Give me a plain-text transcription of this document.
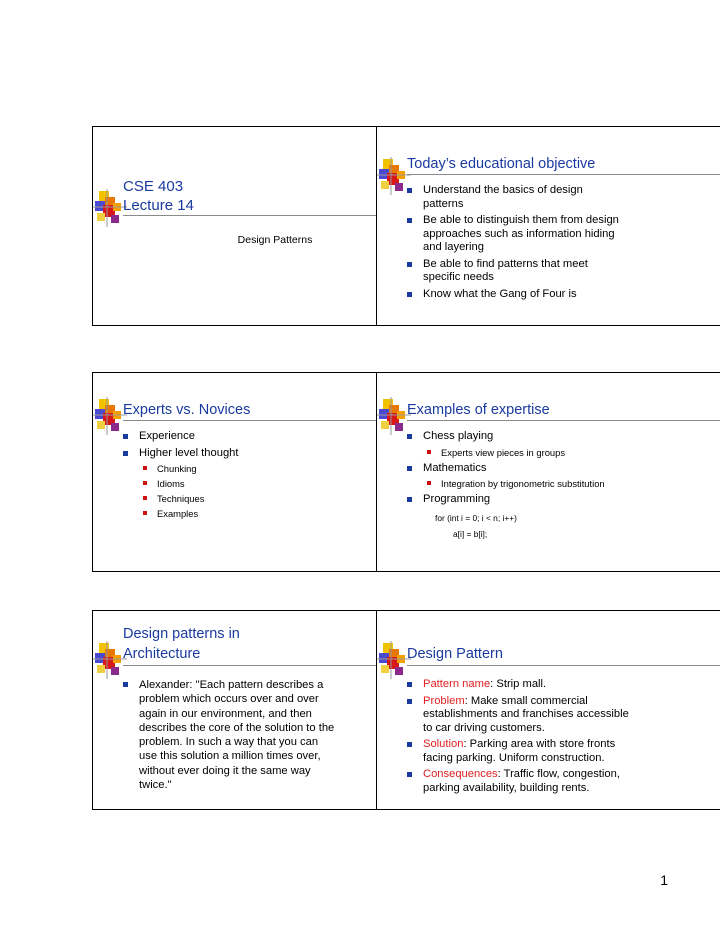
CSE 403
Lecture 14
Design Patterns
Today’s educational objective
Understand the basics of design patterns
Be able to distinguish them from design approaches such as information hiding and layering
Be able to find patterns that meet specific needs
Know what the Gang of Four is
Experts vs. Novices
Experience
Higher level thought
Chunking
Idioms
Techniques
Examples
Examples of expertise
Chess playing
Experts view pieces in groups
Mathematics
Integration by trigonometric substitution
Programming
for (int i = 0; i < n; i++)
a[i] = b[i];
Design patterns in
Architecture
Alexander: "Each pattern describes a problem which occurs over and over again in our environment, and then describes the core of the solution to the problem. In such a way that you can use this solution a million times over, without ever doing it the same way twice."
Design Pattern
Pattern name: Strip mall.
Problem: Make small commercial establishments and franchises accessible to car driving customers.
Solution: Parking area with store fronts facing parking. Uniform construction.
Consequences: Traffic flow, congestion, parking availability, building rents.
1
